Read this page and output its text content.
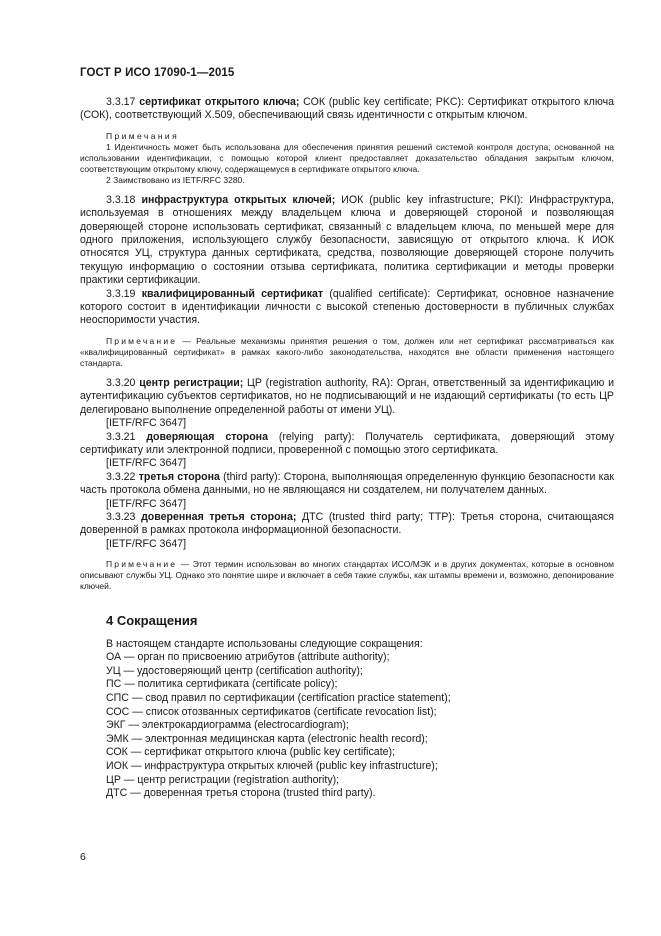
ГОСТ Р ИСО 17090-1—2015

3.3.17 сертификат открытого ключа; СОК (public key certificate; PKC): Сертификат открытого ключа (СОК), соответствующий X.509, обеспечивающий связь идентичности с открытым ключом.

Примечания

1 Идентичность может быть использована для обеспечения принятия решений системой контроля доступа, основанной на использовании идентификации, с помощью которой клиент предоставляет доказательство обладания закрытым ключом, соответствующим открытому ключу, содержащемуся в сертификате открытого ключа.

2 Заимствовано из IETF/RFC 3280.

3.3.18 инфраструктура открытых ключей; ИОК (public key infrastructure; PKI): Инфраструктура, используемая в отношениях между владельцем ключа и доверяющей стороной и позволяющая доверяющей стороне использовать сертификат, связанный с владельцем ключа, по меньшей мере для одного приложения, использующего службу безопасности, зависящую от открытого ключа. К ИОК относятся УЦ, структура данных сертификата, средства, позволяющие доверяющей стороне получить текущую информацию о состоянии отзыва сертификата, политика сертификации и методы проверки практики сертификации.

3.3.19 квалифицированный сертификат (qualified certificate): Сертификат, основное назначение которого состоит в идентификации личности с высокой степенью достоверности в публичных службах неоспоримости участия.

Примечание — Реальные механизмы принятия решения о том, должен или нет сертификат рассматриваться как «квалифицированный сертификат» в рамках какого-либо законодательства, находятся вне области применения настоящего стандарта.

3.3.20 центр регистрации; ЦР (registration authority, RA): Орган, ответственный за идентификацию и аутентификацию субъектов сертификатов, но не подписывающий и не издающий сертификаты (то есть ЦР делегировано выполнение определенной работы от имени УЦ).

[IETF/RFC 3647]

3.3.21 доверяющая сторона (relying party): Получатель сертификата, доверяющий этому сертификату или электронной подписи, проверенной с помощью этого сертификата.

[IETF/RFC 3647]

3.3.22 третья сторона (third party): Сторона, выполняющая определенную функцию безопасности как часть протокола обмена данными, но не являющаяся ни создателем, ни получателем данных.

[IETF/RFC 3647]

3.3.23 доверенная третья сторона; ДТС (trusted third party; TTP): Третья сторона, считающаяся доверенной в рамках протокола информационной безопасности.

[IETF/RFC 3647]

Примечание — Этот термин использован во многих стандартах ИСО/МЭК и в других документах, которые в основном описывают службы УЦ. Однако это понятие шире и включает в себя такие службы, как штампы времени и, возможно, депонирование ключей.

4 Сокращения

В настоящем стандарте использованы следующие сокращения:

ОА — орган по присвоению атрибутов (attribute authority);

УЦ — удостоверяющий центр (certification authority);

ПС — политика сертификата (certificate policy);

СПС — свод правил по сертификации (certification practice statement);

СОС — список отозванных сертификатов (certificate revocation list);

ЭКГ — электрокардиограмма (electrocardiogram);

ЭМК — электронная медицинская карта (electronic health record);

СОК — сертификат открытого ключа (public key certificate);

ИОК — инфраструктура открытых ключей (public key infrastructure);

ЦР — центр регистрации (registration authority);

ДТС — доверенная третья сторона (trusted third party).

6
